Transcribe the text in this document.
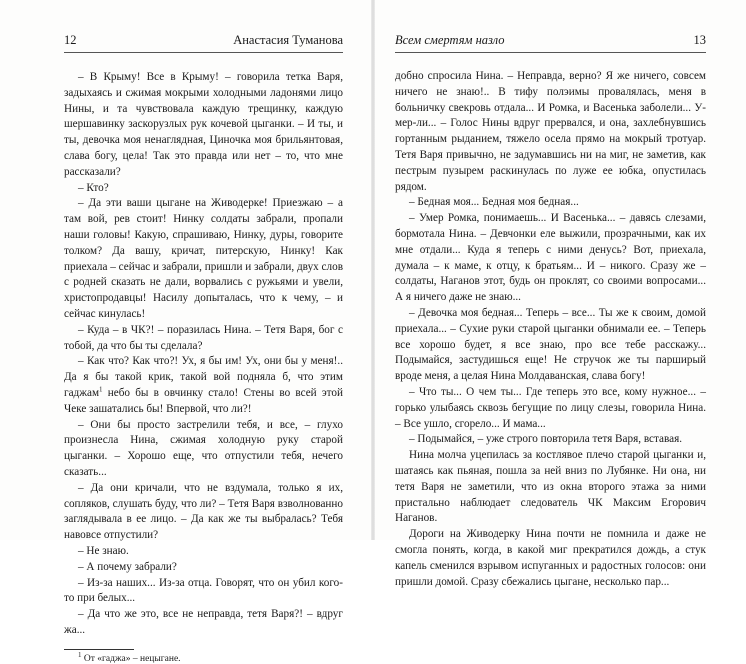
12	Анастасия Туманова

– В Крыму! Все в Крыму! – говорила тетка Варя, задыхаясь и сжимая мокрыми холодными ладонями лицо Нины, и та чувствовала каждую трещинку, каждую шершавинку заскорузлых рук кочевой цыганки. – И ты, и ты, девочка моя ненаглядная, Циночка моя брильянтовая, слава богу, цела! Так это правда или нет – то, что мне рассказали?

– Кто?

– Да эти ваши цыгане на Живодерке! Приезжаю – а там вой, рев стоит! Нинку солдаты забрали, пропали наши головы! Какую, спрашиваю, Нинку, дуры, говорите толком? Да вашу, кричат, питерскую, Нинку! Как приехала – сейчас и забрали, пришли и забрали, двух слов с родней сказать не дали, ворвались с ружьями и увели, христопродавцы! Насилу допыталась, что к чему, – и сейчас кинулась!

– Куда – в ЧК?! – поразилась Нина. – Тетя Варя, бог с тобой, да что бы ты сделала?

– Как что? Как что?! Ух, я бы им! Ух, они бы у меня!.. Да я бы такой крик, такой вой подняла б, что этим гаджам$^1$ небо бы в овчинку стало! Стены во всей этой Чеке зашатались бы! Впервой, что ли?!

– Они бы просто застрелили тебя, и все, – глухо произнесла Нина, сжимая холодную руку старой цыганки. – Хорошо еще, что отпустили тебя, нечего сказать...

– Да они кричали, что не вздумала, только я их, сопляков, слушать буду, что ли? – Тетя Варя взволнованно заглядывала в ее лицо. – Да как же ты выбралась? Тебя навовсе отпустили?

– Не знаю.

– А почему забрали?

– Из-за наших... Из-за отца. Говорят, что он убил кого-то при белых...

– Да что же это, все не неправда, тетя Варя?! – вдруг жа...

$^1$ От «гаджа» – нецыгане.
Всем смертям назло	13

добно спросила Нина. – Неправда, верно? Я же ничего, совсем ничего не знаю!.. В тифу полэимы провалялась, меня в больничку свекровь отдала... И Ромка, и Васенька заболели... У-мер-ли... – Голос Нины вдруг прервался, и она, захлебнувшись гортанным рыданием, тяжело осела прямо на мокрый тротуар. Тетя Варя привычно, не задумавшись ни на миг, не заметив, как пестрым пузырем раскинулась по луже ее юбка, опустилась рядом.

– Бедная моя... Бедная моя бедная...

– Умер Ромка, понимаешь... И Васенька... – давясь слезами, бормотала Нина. – Девчонки еле выжили, прозрачными, как их мне отдали... Куда я теперь с ними денусь? Вот, приехала, думала – к маме, к отцу, к братьям... И – никого. Сразу же – солдаты, Наганов этот, будь он проклят, со своими вопросами... А я ничего даже не знаю...

– Девочка моя бедная... Теперь – все... Ты же к своим, домой приехала... – Сухие руки старой цыганки обнимали ее. – Теперь все хорошо будет, я все знаю, про все тебе расскажу... Подымайся, застудишься еще! Не стручок же ты парширый вроде меня, а целая Нина Молдаванская, слава богу!

– Что ты... О чем ты... Где теперь это все, кому нужное... – горько улыбаясь сквозь бегущие по лицу слезы, говорила Нина. – Все ушло, сгорело... И мама...

– Подымайся, – уже строго повторила тетя Варя, вставая.

Нина молча уцепилась за костлявое плечо старой цыганки и, шатаясь как пьяная, пошла за ней вниз по Лубянке. Ни она, ни тетя Варя не заметили, что из окна второго этажа за ними пристально наблюдает следователь ЧК Максим Егорович Наганов.

Дороги на Живодерку Нина почти не помнила и даже не смогла понять, когда, в какой миг прекратился дождь, а стук капель сменился взрывом испуганных и радостных голосов: они пришли домой. Сразу сбежались цыгане, несколько пар...
